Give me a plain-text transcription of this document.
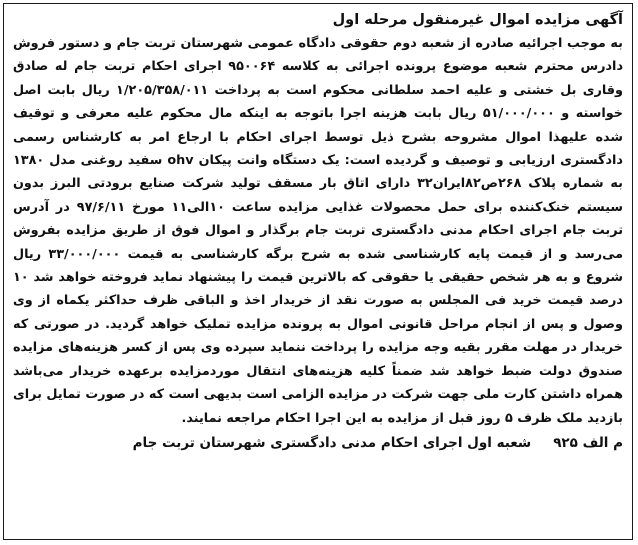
آگهی مزایده اموال غیرمنقول مرحله اول

به موجب اجرائیه صادره از شعبه دوم حقوقی دادگاه عمومی شهرستان تربت جام و دستور فروش دادرس محترم شعبه موضوع پرونده اجرائی به کلاسه ۹۵۰۰۶۴ اجرای احکام تربت جام له صادق وقاری بل خشتی و علیه احمد سلطانی محکوم است به پرداخت ۱/۲۰۵/۳۵۸/۰۱۱ ریال بابت اصل خواسته و ۵۱/۰۰۰/۰۰۰ ریال بابت هزینه اجرا باتوجه به اینکه مال محکوم علیه معرفی و توقیف شده علیهذا اموال مشروحه بشرح ذیل توسط اجرای احکام با ارجاع امر به کارشناس رسمی دادگستری ارزیابی و توصیف و گردیده است: یک دستگاه وانت پیکان ohv سفید روغنی مدل ۱۳۸۰ به شماره پلاک ۲۶۸ص۸۲ایران۳۲ دارای اتاق بار مسقف تولید شرکت صنایع برودتی البرز بدون سیستم خنک‌کننده برای حمل محصولات غذایی مزایده ساعت ۱۰الی۱۱ مورخ ۹۷/۶/۱۱ در آدرس تربت جام اجرای احکام مدنی دادگستری تربت جام برگذار و اموال فوق از طریق مزایده بفروش می‌رسد و از قیمت پایه کارشناسی شده به شرح برگه کارشناسی به قیمت ۳۳/۰۰۰/۰۰۰ ریال شروع و به هر شخص حقیقی یا حقوقی که بالاترین قیمت را پیشنهاد نماید فروخته خواهد شد ۱۰ درصد قیمت خرید فی المجلس به صورت نقد از خریدار اخذ و الباقی ظرف حداکثر یکماه از وی وصول و پس از انجام مراحل قانونی اموال به پرونده مزایده تملیک خواهد گردید. در صورتی که خریدار در مهلت مقرر بقیه وجه مزایده را پرداخت ننماید سپرده وی پس از کسر هزینه‌های مزایده صندوق دولت ضبط خواهد شد ضمناً کلیه هزینه‌های انتقال موردمزایده برعهده خریدار می‌باشد همراه داشتن کارت ملی جهت شرکت در مزایده الزامی است بدیهی است که در صورت تمایل برای بازدید ملک ظرف ۵ روز قبل از مزایده به این اجرا احکام مراجعه نمایند.

م الف ۹۲۵
شعبه اول اجرای احکام مدنی دادگستری شهرستان تربت جام
